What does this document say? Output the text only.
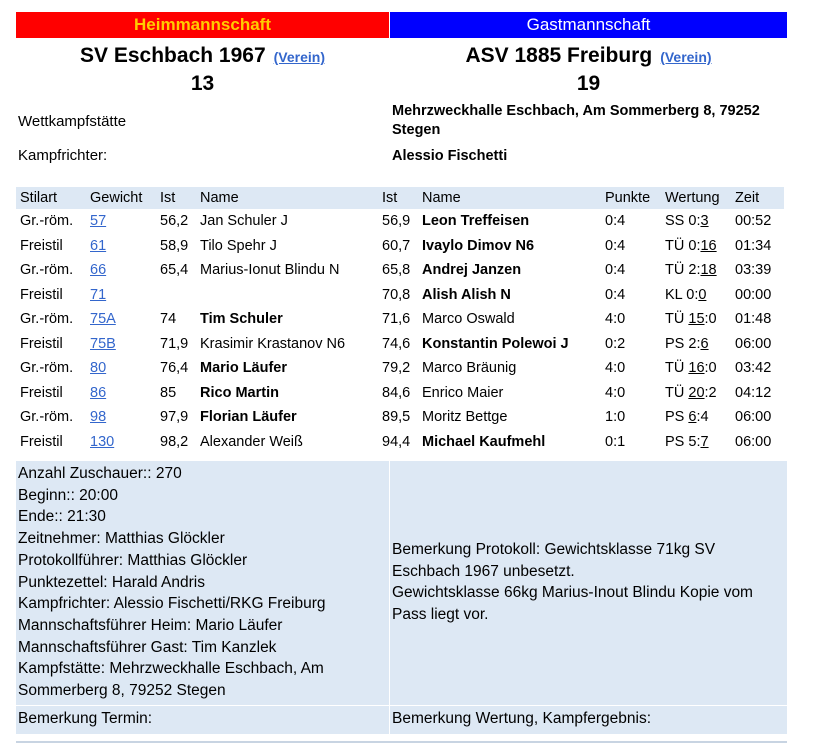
Heimmannschaft	Gastmannschaft
SV Eschbach 1967 (Verein)
13
ASV 1885 Freiburg (Verein)
19
Wettkampfstätte
Mehrzweckhalle Eschbach, Am Sommerberg 8, 79252 Stegen
Kampfrichter:	Alessio Fischetti
Stilart	Gewicht	Ist	Name	Ist	Name	Punkte	Wertung	Zeit
Gr.-röm.	57	56,2	Jan Schuler J	56,9	Leon Treffeisen	0:4	SS 0:3	00:52
Freistil	61	58,9	Tilo Spehr J	60,7	Ivaylo Dimov N6	0:4	TÜ 0:16	01:34
Gr.-röm.	66	65,4	Marius-Ionut Blindu N	65,8	Andrej Janzen	0:4	TÜ 2:18	03:39
Freistil	71			70,8	Alish Alish N	0:4	KL 0:0	00:00
Gr.-röm.	75A	74	Tim Schuler	71,6	Marco Oswald	4:0	TÜ 15:0	01:48
Freistil	75B	71,9	Krasimir Krastanov N6	74,6	Konstantin Polewoi J	0:2	PS 2:6	06:00
Gr.-röm.	80	76,4	Mario Läufer	79,2	Marco Bräunig	4:0	TÜ 16:0	03:42
Freistil	86	85	Rico Martin	84,6	Enrico Maier	4:0	TÜ 20:2	04:12
Gr.-röm.	98	97,9	Florian Läufer	89,5	Moritz Bettge	1:0	PS 6:4	06:00
Freistil	130	98,2	Alexander Weiß	94,4	Michael Kaufmehl	0:1	PS 5:7	06:00
Anzahl Zuschauer:: 270
Beginn:: 20:00
Ende:: 21:30
Zeitnehmer: Matthias Glöckler
Protokollführer: Matthias Glöckler
Punktezettel: Harald Andris
Kampfrichter: Alessio Fischetti/RKG Freiburg
Mannschaftsführer Heim: Mario Läufer
Mannschaftsführer Gast: Tim Kanzlek
Kampfstätte: Mehrzweckhalle Eschbach, Am Sommerberg 8, 79252 Stegen
Bemerkung Protokoll: Gewichtsklasse 71kg SV Eschbach 1967 unbesetzt.
Gewichtsklasse 66kg Marius-Inout Blindu Kopie vom Pass liegt vor.
Bemerkung Termin:	Bemerkung Wertung, Kampfergebnis:
